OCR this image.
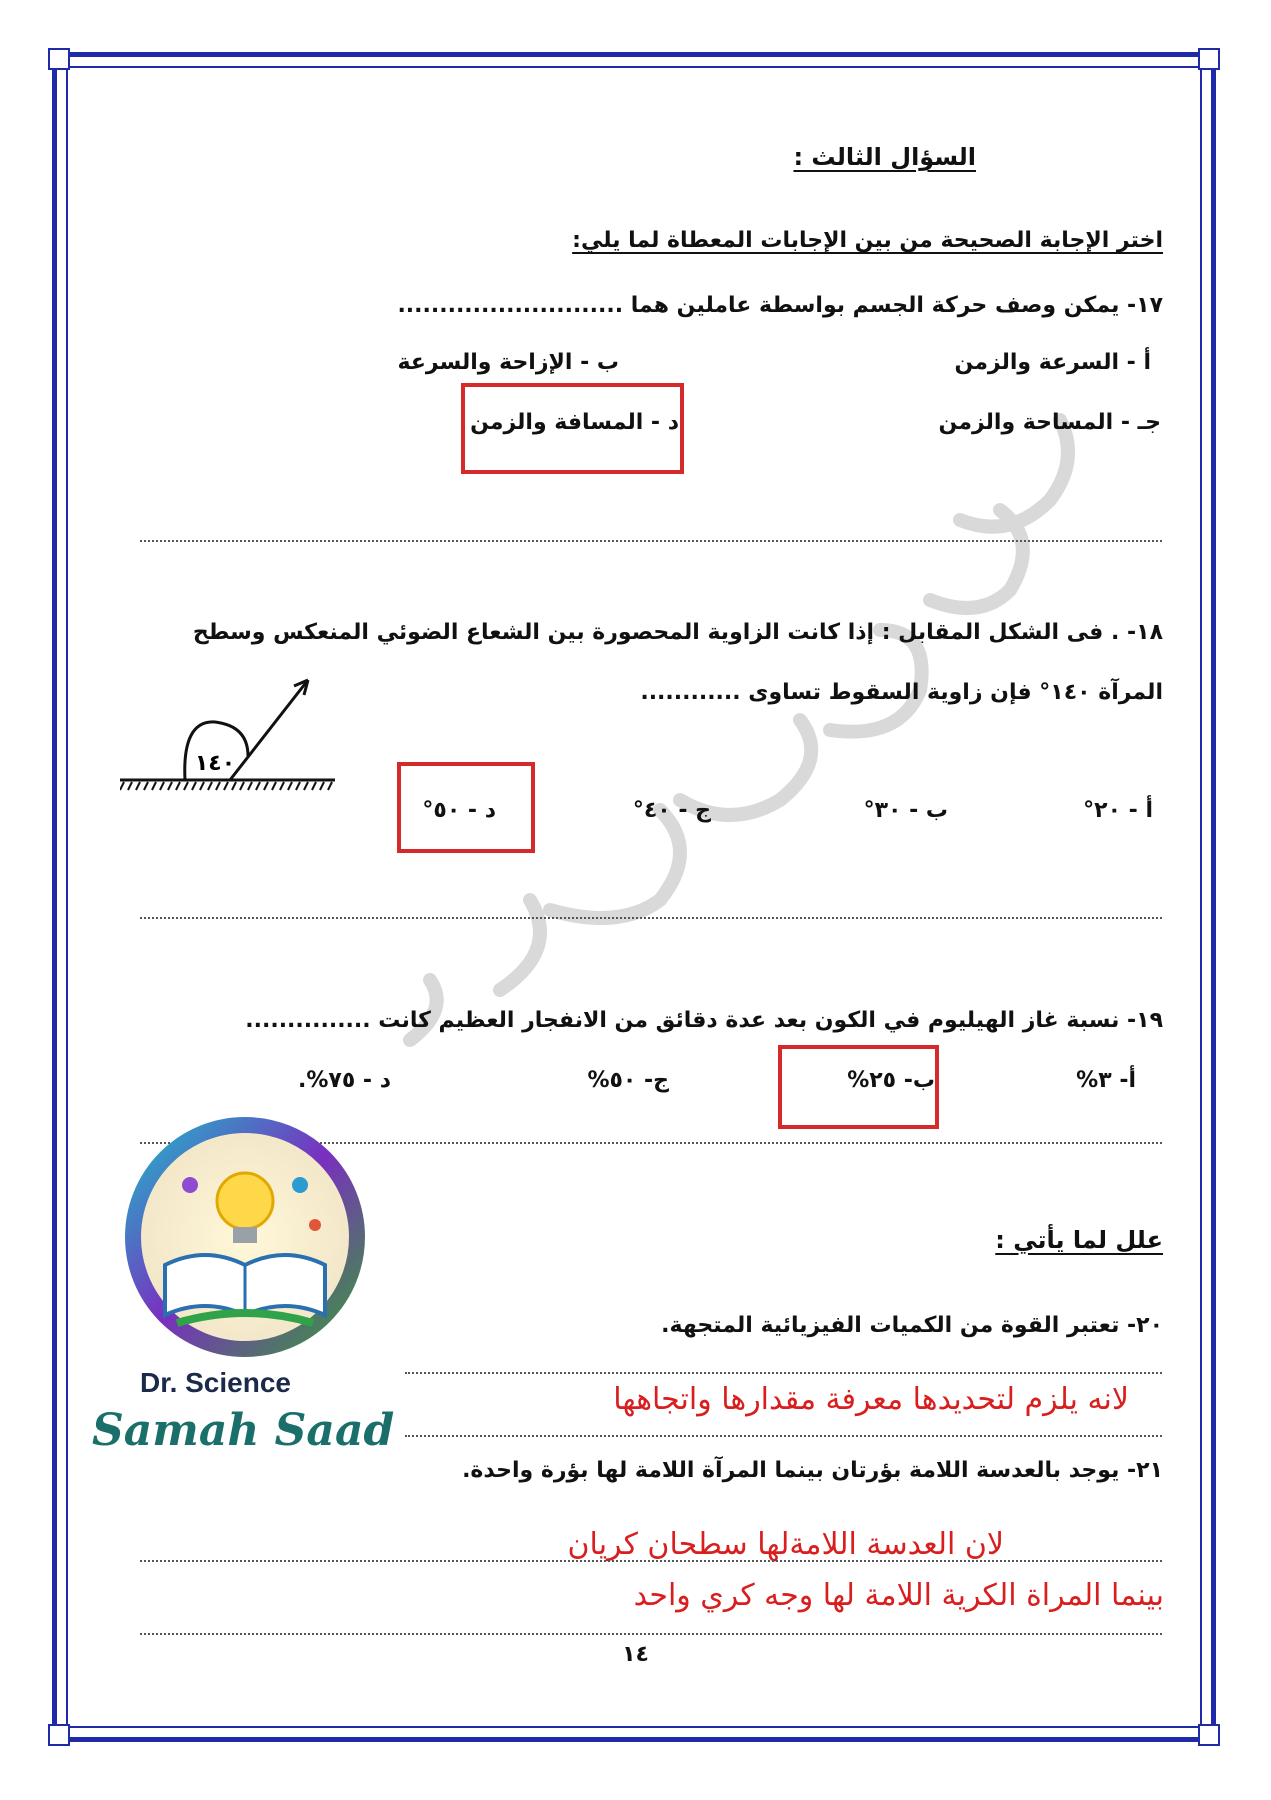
السؤال الثالث :
اختر الإجابة الصحيحة من بين الإجابات المعطاة لما يلي:
١٧- يمكن وصف حركة الجسم بواسطة عاملين هما ...........................
أ - السرعة والزمن
ب - الإزاحة والسرعة
جـ - المساحة والزمن
د - المسافة والزمن
١٨- . فى الشكل المقابل : إذا كانت الزاوية المحصورة بين الشعاع الضوئي المنعكس وسطح
المرآة ١٤٠° فإن زاوية السقوط تساوى ............
١٤٠
أ - ٢٠°
ب - ٣٠°
ج - ٤٠°
د - ٥٠°
١٩- نسبة غاز الهيليوم في الكون بعد عدة دقائق من الانفجار العظيم كانت ...............
أ- ٣%
ب- ٢٥%
ج- ٥٠%
د - ٧٥%.
علل لما يأتي :
٢٠- تعتبر القوة من الكميات الفيزيائية المتجهة.
لانه يلزم لتحديدها معرفة مقدارها واتجاهها
٢١- يوجد بالعدسة اللامة بؤرتان بينما المرآة اللامة لها بؤرة واحدة.
لان العدسة اللامةلها سطحان كريان
بينما المراة الكرية اللامة لها وجه كري واحد
Dr. Science
Samah Saad
١٤
